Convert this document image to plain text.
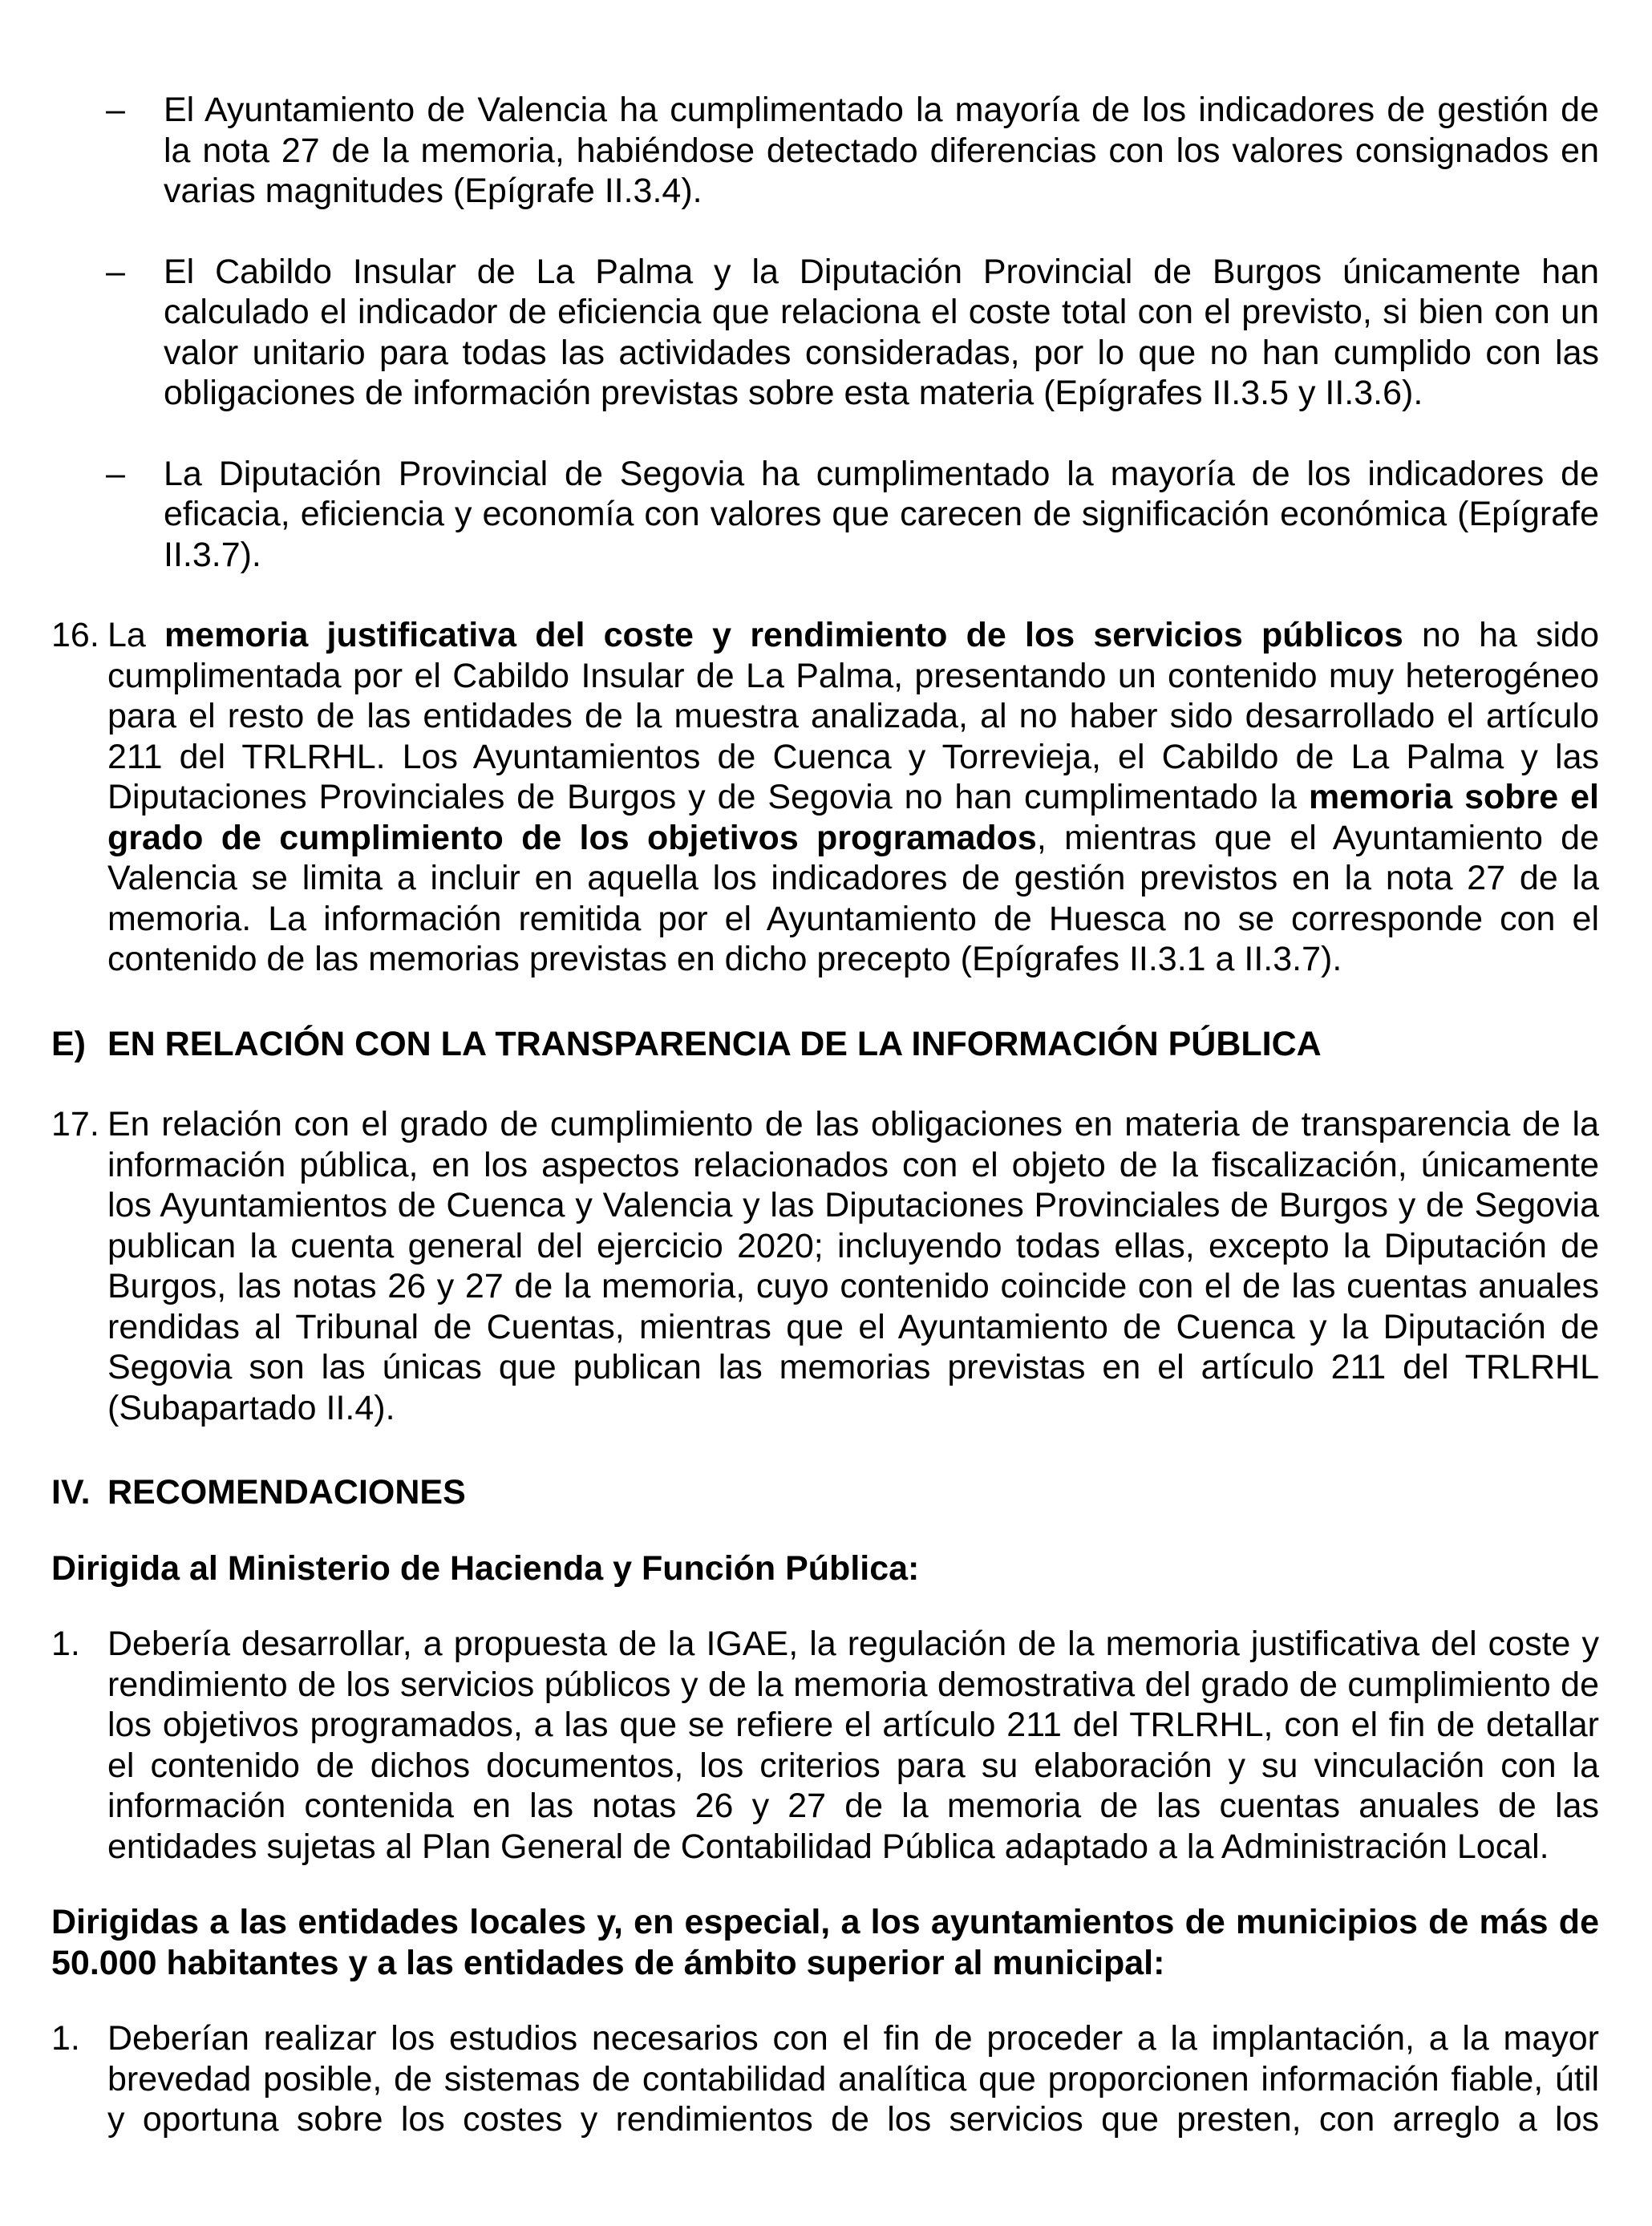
– El Ayuntamiento de Valencia ha cumplimentado la mayoría de los indicadores de gestión de la nota 27 de la memoria, habiéndose detectado diferencias con los valores consignados en varias magnitudes (Epígrafe II.3.4).
– El Cabildo Insular de La Palma y la Diputación Provincial de Burgos únicamente han calculado el indicador de eficiencia que relaciona el coste total con el previsto, si bien con un valor unitario para todas las actividades consideradas, por lo que no han cumplido con las obligaciones de información previstas sobre esta materia (Epígrafes II.3.5 y II.3.6).
– La Diputación Provincial de Segovia ha cumplimentado la mayoría de los indicadores de eficacia, eficiencia y economía con valores que carecen de significación económica (Epígrafe II.3.7).
16. La memoria justificativa del coste y rendimiento de los servicios públicos no ha sido cumplimentada por el Cabildo Insular de La Palma, presentando un contenido muy heterogéneo para el resto de las entidades de la muestra analizada, al no haber sido desarrollado el artículo 211 del TRLRHL. Los Ayuntamientos de Cuenca y Torrevieja, el Cabildo de La Palma y las Diputaciones Provinciales de Burgos y de Segovia no han cumplimentado la memoria sobre el grado de cumplimiento de los objetivos programados, mientras que el Ayuntamiento de Valencia se limita a incluir en aquella los indicadores de gestión previstos en la nota 27 de la memoria. La información remitida por el Ayuntamiento de Huesca no se corresponde con el contenido de las memorias previstas en dicho precepto (Epígrafes II.3.1 a II.3.7).
E) EN RELACIÓN CON LA TRANSPARENCIA DE LA INFORMACIÓN PÚBLICA
17. En relación con el grado de cumplimiento de las obligaciones en materia de transparencia de la información pública, en los aspectos relacionados con el objeto de la fiscalización, únicamente los Ayuntamientos de Cuenca y Valencia y las Diputaciones Provinciales de Burgos y de Segovia publican la cuenta general del ejercicio 2020; incluyendo todas ellas, excepto la Diputación de Burgos, las notas 26 y 27 de la memoria, cuyo contenido coincide con el de las cuentas anuales rendidas al Tribunal de Cuentas, mientras que el Ayuntamiento de Cuenca y la Diputación de Segovia son las únicas que publican las memorias previstas en el artículo 211 del TRLRHL (Subapartado II.4).
IV. RECOMENDACIONES
Dirigida al Ministerio de Hacienda y Función Pública:
1. Debería desarrollar, a propuesta de la IGAE, la regulación de la memoria justificativa del coste y rendimiento de los servicios públicos y de la memoria demostrativa del grado de cumplimiento de los objetivos programados, a las que se refiere el artículo 211 del TRLRHL, con el fin de detallar el contenido de dichos documentos, los criterios para su elaboración y su vinculación con la información contenida en las notas 26 y 27 de la memoria de las cuentas anuales de las entidades sujetas al Plan General de Contabilidad Pública adaptado a la Administración Local.
Dirigidas a las entidades locales y, en especial, a los ayuntamientos de municipios de más de 50.000 habitantes y a las entidades de ámbito superior al municipal:
1. Deberían realizar los estudios necesarios con el fin de proceder a la implantación, a la mayor brevedad posible, de sistemas de contabilidad analítica que proporcionen información fiable, útil y oportuna sobre los costes y rendimientos de los servicios que presten, con arreglo a los
